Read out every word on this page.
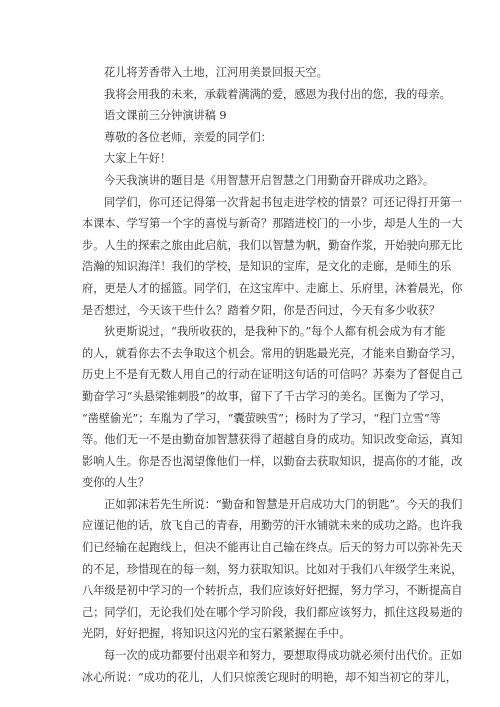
花儿将芳香带入土地，江河用美景回报天空。
我将会用我的未来，承载着满满的爱，感恩为我付出的您，我的母亲。
语文课前三分钟演讲稿 9
尊敬的各位老师，亲爱的同学们：
大家上午好！
今天我演讲的题目是《用智慧开启智慧之门用勤奋开辟成功之路》。
同学们，你可还记得第一次背起书包走进学校的情景？可还记得打开第一
本课本、学写第一个字的喜悦与新奇？那踏进校门的一小步，却是人生的一大
步。人生的探索之旅由此启航，我们以智慧为帆，勤奋作浆，开始驶向那无比
浩瀚的知识海洋！我们的学校，是知识的宝库，是文化的走廊，是师生的乐
府，更是人才的摇篮。同学们，在这宝库中、走廊上、乐府里，沐着晨光，你
是否想过，今天该干些什么？踏着夕阳，你是否问过，今天有多少收获？
狄更斯说过，“我所收获的，是我种下的。”每个人都有机会成为有才能
的人，就看你去不去争取这个机会。常用的钥匙最光亮，才能来自勤奋学习，
历史上不是有无数人用自己的行动在证明这句话的可信吗？苏秦为了督促自己
勤奋学习“头悬梁锥刺股”的故事，留下了千古学习的美名。匡衡为了学习，
“凿壁偷光”；车胤为了学习，“囊萤映雪”；杨时为了学习，“程门立雪”等
等。他们无一不是由勤奋加智慧获得了超越自身的成功。知识改变命运，真知
影响人生。你是否也渴望像他们一样，以勤奋去获取知识，提高你的才能，改
变你的人生？
正如郭沫若先生所说：“勤奋和智慧是开启成功大门的钥匙”。今天的我们
应谨记他的话，放飞自己的青春，用勤劳的汗水铺就未来的成功之路。也许我
们已经输在起跑线上，但决不能再让自己输在终点。后天的努力可以弥补先天
的不足，珍惜现在的每一刻，努力获取知识。比如对于我们八年级学生来说，
八年级是初中学习的一个转折点，我们应该好好把握，努力学习，不断提高自
己；同学们，无论我们处在哪个学习阶段，我们都应该努力，抓住这段易逝的
光阴，好好把握，将知识这闪光的宝石紧紧握在手中。
每一次的成功都要付出艰辛和努力，要想取得成功就必须付出代价。正如
冰心所说：“成功的花儿，人们只惊羡它现时的明艳，却不知当初它的芽儿，
